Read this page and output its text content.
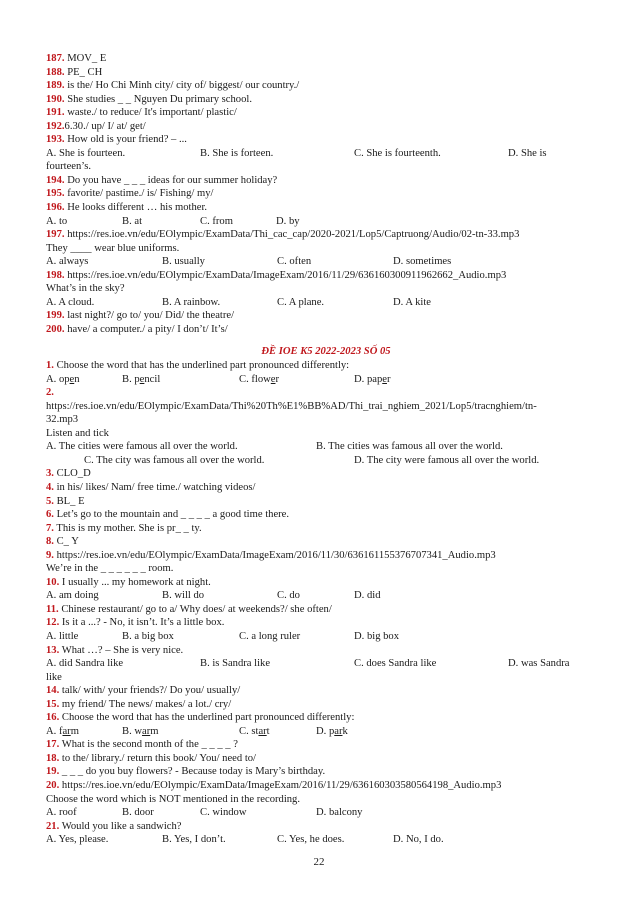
187. MOV_ E
188. PE_ CH
189. is the/ Ho Chi Minh city/ city of/ biggest/ our country./
190. She studies _ _ Nguyen Du primary school.
191. waste./ to reduce/ It's important/ plastic/
192.6.30./ up/ I/ at/ get/
193. How old is your friend? – ...
A. She is fourteen.	B. She is forteen.	C. She is fourteenth.	D. She is
fourteen’s.
194. Do you have _ _ _ ideas for our summer holiday?
195. favorite/ pastime./ is/ Fishing/ my/
196. He looks different … his mother.
A. to	B. at	C. from	D. by
197. https://res.ioe.vn/edu/EOlympic/ExamData/Thi_cac_cap/2020-2021/Lop5/Captruong/Audio/02-tn-33.mp3
They ____ wear blue uniforms.
A. always	B. usually	C. often	D. sometimes
198. https://res.ioe.vn/edu/EOlympic/ExamData/ImageExam/2016/11/29/636160300911962662_Audio.mp3
What’s in the sky?
A. A cloud.	B. A rainbow.	C. A plane.	D. A kite
199. last night?/ go to/ you/ Did/ the theatre/
200. have/ a computer./ a pity/ I don’t/ It’s/
ĐỀ IOE K5 2022-2023 SỐ 05
1. Choose the word that has the underlined part pronounced differently:
A. open	B. pencil	C. flower	D. paper
2.
https://res.ioe.vn/edu/EOlympic/ExamData/Thi%20Th%E1%BB%AD/Thi_trai_nghiem_2021/Lop5/tracnghiem/tn-
32.mp3
Listen and tick
A. The cities were famous all over the world.	B. The cities was famous all over the world.
C. The city was famous all over the world.	D. The city were famous all over the world.
3. CLO_D
4. in his/ likes/ Nam/ free time./ watching videos/
5. BL_ E
6. Let’s go to the mountain and _ _ _ _ a good time there.
7. This is my mother. She is pr_ _ ty.
8. C_ Y
9. https://res.ioe.vn/edu/EOlympic/ExamData/ImageExam/2016/11/30/636161155376707341_Audio.mp3
We’re in the _ _ _ _ _ _ room.
10. I usually ... my homework at night.
A. am doing	B. will do	C. do	D. did
11. Chinese restaurant/ go to a/ Why does/ at weekends?/ she often/
12. Is it a ...? - No, it isn’t. It’s a little box.
A. little	B. a big box	C. a long ruler	D. big box
13. What …? – She is very nice.
A. did Sandra like	B. is Sandra like	C. does Sandra like	D. was Sandra
like
14. talk/ with/ your friends?/ Do you/ usually/
15. my friend/ The news/ makes/ a lot./ cry/
16. Choose the word that has the underlined part pronounced differently:
A. farm	B. warm	C. start	D. park
17. What is the second month of the _ _ _ _ ?
18. to the/ library./ return this book/ You/ need to/
19. _ _ _ do you buy flowers? - Because today is Mary’s birthday.
20. https://res.ioe.vn/edu/EOlympic/ExamData/ImageExam/2016/11/29/636160303580564198_Audio.mp3
Choose the word which is NOT mentioned in the recording.
A. roof	B. door	C. window	D. balcony
21. Would you like a sandwich?
A. Yes, please.	B. Yes, I don’t.	C. Yes, he does.	D. No, I do.
22
